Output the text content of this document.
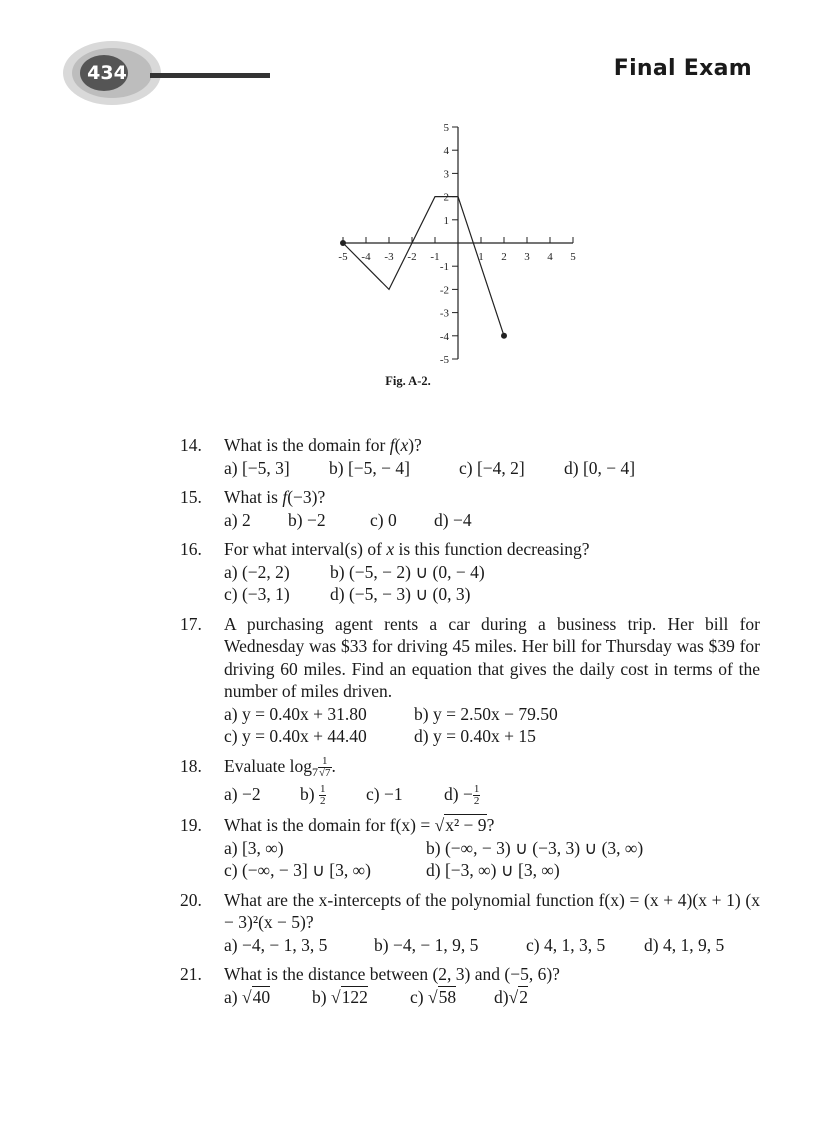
434	Final Exam
-5 -4 -3 -2 -1	1 2 3 4 5
5
4
3
2
1
-1
-2
-3
-4
-5
Fig. A-2.
14. What is the domain for f(x)?
a) [−5, 3] b) [−5, − 4]	c) [−4, 2] d) [0, − 4]
15. What is f(−3)?
a) 2 b) −2	c) 0 d) −4
16. For what interval(s) of x is this function decreasing?
a) (−2, 2) b) (−5, − 2) ∪ (0, − 4)
c) (−3, 1) d) (−5, − 3) ∪ (0, 3)
17. A purchasing agent rents a car during a business trip. Her bill for Wednesday was $33 for driving 45 miles. Her bill for Thursday was $39 for driving 60 miles. Find an equation that gives the daily cost in terms of the number of miles driven.
a) y = 0.40x + 31.80	b) y = 2.50x − 79.50
c) y = 0.40x + 44.40	d) y = 0.40x + 15
18. Evaluate $\log_7 \frac{1}{√7}$ .
a) −2 $b) \frac{1}{2} c) -1$ $d) - \frac{1}{2}$
19. What is the domain for f(x) = √x² − 9?
a) [3, ∞)	b) (−∞, − 3) ∪ (−3, 3) ∪ (3, ∞)
c) (−∞, − 3] ∪ [3, ∞)	d) [−3, ∞) ∪ [3, ∞)
20. What are the x-intercepts of the polynomial function f(x) = (x + 4)(x + 1) (x − 3)²(x − 5)?
a) −4, − 1, 3, 5	b) −4, − 1, 9, 5	c) 4, 1, 3, 5 d) 4, 1, 9, 5
21. What is the distance between (2, 3) and (−5, 6)?
a) √40 b) √122 c) √58 d)√2
